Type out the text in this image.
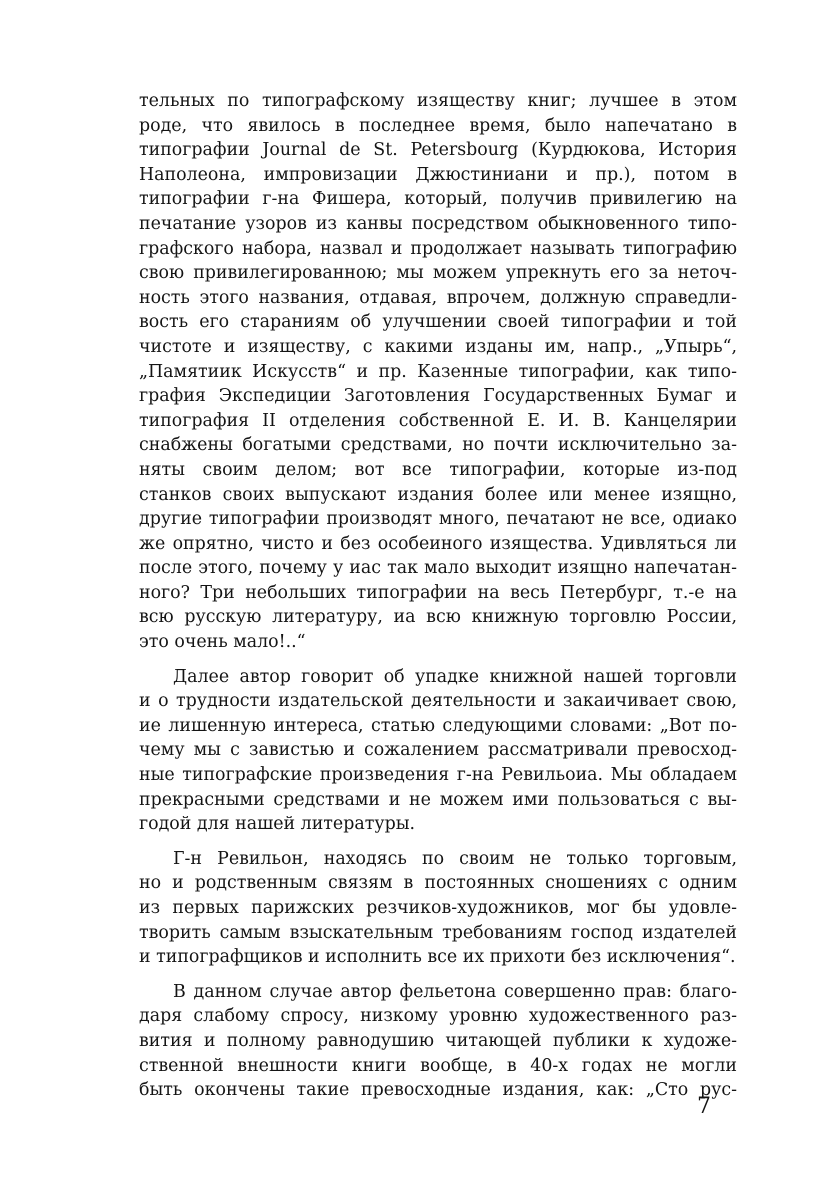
тельных по типографскому изяществу книг; лучшее в этом
роде, что явилось в последнее время, было напечатано в
типографии Journal de St. Petersbourg (Курдюкова, История
Наполеона, импровизации Джюстиниани и пр.), потом в
типографии г-на Фишера, который, получив привилегию на
печатание узоров из канвы посредством обыкновенного типо-
графского набора, назвал и продолжает называть типографию
свою привилегированною; мы можем упрекнуть его за неточ-
ность этого названия, отдавая, впрочем, должную справедли-
вость его стараниям об улучшении своей типографии и той
чистоте и изяществу, с какими изданы им, напр., „Упырь“,
„Памятиик Искусств“ и пр. Казенные типографии, как типо-
графия Экспедиции Заготовления Государственных Бумаг и
типография II отделения собственной Е. И. В. Канцелярии
снабжены богатыми средствами, но почти исключительно за-
няты своим делом; вот все типографии, которые из-под
станков своих выпускают издания более или менее изящно,
другие типографии производят много, печатают не все, одиако
же опрятно, чисто и без особеиного изящества. Удивляться ли
после этого, почему у иас так мало выходит изящно напечатан-
ного? Три небольших типографии на весь Петербург, т.-е на
всю русскую литературу, иа всю книжную торговлю России,
это очень мало!..“
Далее автор говорит об упадке книжной нашей торговли
и о трудности издательской деятельности и закаичивает свою,
ие лишенную интереса, статью следующими словами: „Вот по-
чему мы с завистью и сожалением рассматривали превосход-
ные типографские произведения г-на Ревильоиа. Мы обладаем
прекрасными средствами и не можем ими пользоваться с вы-
годой для нашей литературы.
Г-н Ревильон, находясь по своим не только торговым,
но и родственным связям в постоянных сношениях с одним
из первых парижских резчиков-художников, мог бы удовле-
творить самым взыскательным требованиям господ издателей
и типографщиков и исполнить все их прихоти без исключения“.
В данном случае автор фельетона совершенно прав: благо-
даря слабому спросу, низкому уровню художественного раз-
вития и полному равнодушию читающей публики к художе-
ственной внешности книги вообще, в 40-х годах не могли
быть окончены такие превосходные издания, как: „Сто рус-
7
